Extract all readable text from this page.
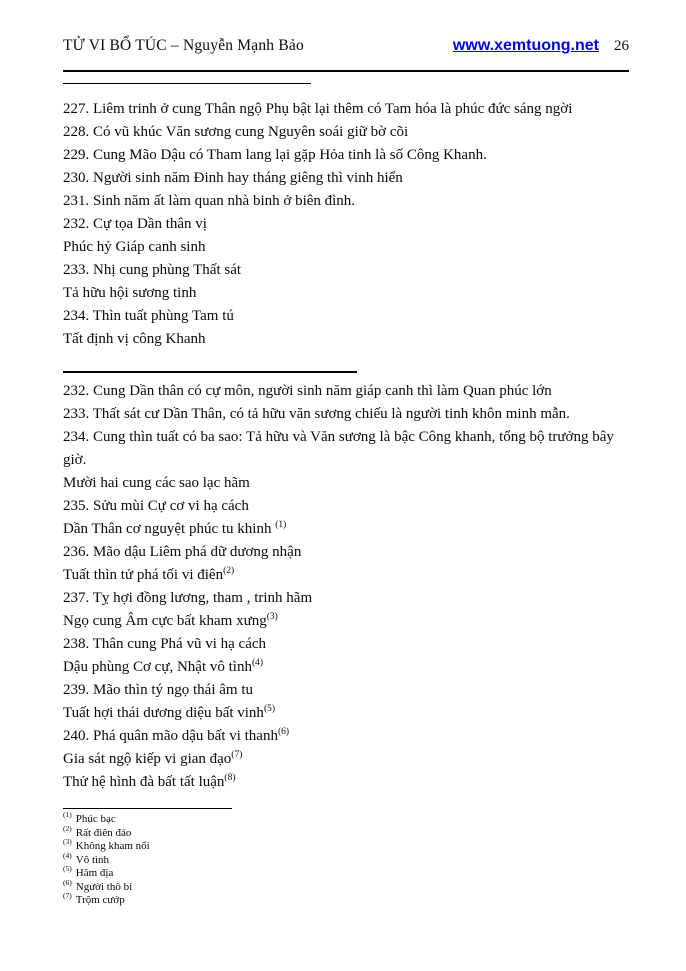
TỬ VI BỔ TÚC – Nguyễn Mạnh Bảo	www.xemtuong.net 26

227. Liêm trinh ở cung Thân ngộ Phụ bật lại thêm có Tam hóa là phúc đức sáng ngời

228. Có vũ khúc Văn sương cung Nguyên soái giữ bờ cõi

229. Cung Mão Dậu có Tham lang lại gặp Hỏa tinh là số Công Khanh.

230. Người sinh năm Đinh hay tháng giêng thì vinh hiển

231. Sinh năm ất làm quan nhà binh ở biên đình.

232. Cự tọa Dần thân vị

Phúc hỷ Giáp canh sinh

233. Nhị cung phùng Thất sát

Tả hữu hội sương tinh

234. Thìn tuất phùng Tam tú

Tất định vị công Khanh

232. Cung Dần thân có cự môn, người sinh năm giáp canh thì làm Quan phúc lớn

233. Thất sát cư Dần Thân, có tả hữu văn sương chiếu là người tinh khôn minh mẫn.

234. Cung thìn tuất có ba sao: Tả hữu và Văn sương là bậc Công khanh, tổng bộ trưởng bây giờ.

Mười hai cung các sao lạc hãm

235. Sửu mùi Cự cơ vi hạ cách

Dần Thân cơ nguyệt phúc tu khinh $^{(1)}$

236. Mão dậu Liêm phá dữ dương nhận

Tuất thìn tử phá tối vi điên$^{(2)}$

237. Tỵ hợi đồng lương, tham , trinh hãm

Ngọ cung Âm cực bất kham xưng$^{(3)}$

238. Thân cung Phá vũ vi hạ cách

Dậu phùng Cơ cự, Nhật vô tình$^{(4)}$

239. Mão thìn tý ngọ thái âm tu

Tuất hợi thái dương diệu bất vinh$^{(5)}$

240. Phá quân mão dậu bất vi thanh$^{(6)}$

Gia sát ngộ kiếp vi gian đạo$^{(7)}$

Thử hệ hình đà bất tất luận$^{(8)}$

$^{(1)}$ Phúc bạc

$^{(2)}$ Rất điên đảo

$^{(3)}$ Không kham nổi

$^{(4)}$ Vô tình

$^{(5)}$ Hãm địa

$^{(6)}$ Người thô bỉ

$^{(7)}$ Trộm cướp
